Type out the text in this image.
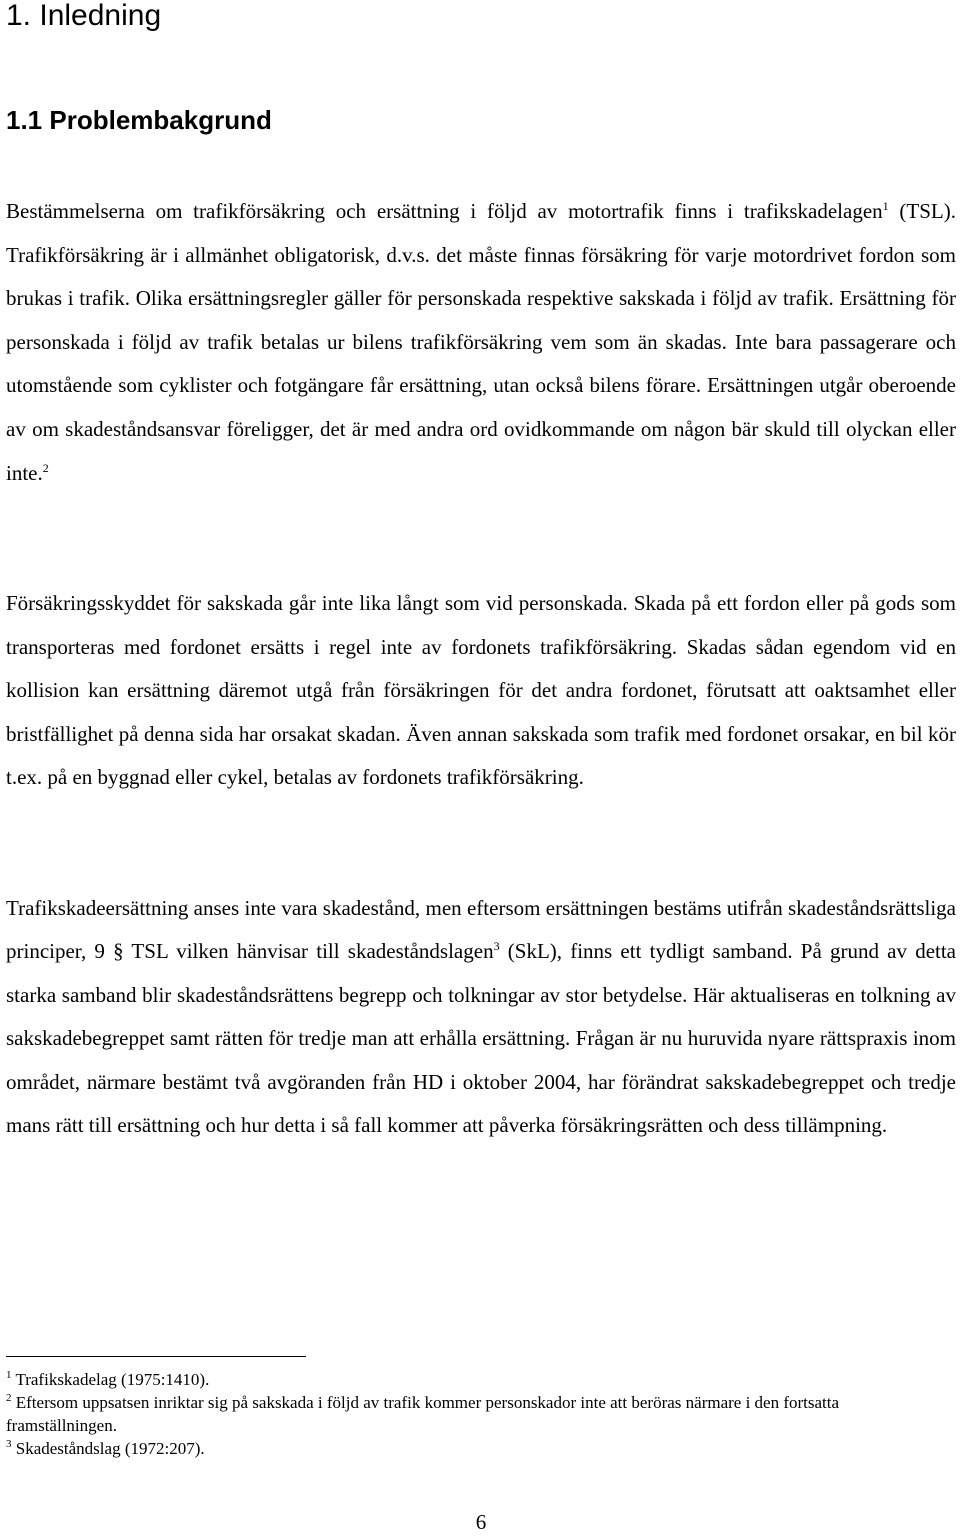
1. Inledning
1.1 Problembakgrund

Bestämmelserna om trafikförsäkring och ersättning i följd av motortrafik finns i trafikskadelagen$^1$ (TSL). Trafikförsäkring är i allmänhet obligatorisk, d.v.s. det måste finnas försäkring för varje motordrivet fordon som brukas i trafik. Olika ersättningsregler gäller för personskada respektive sakskada i följd av trafik. Ersättning för personskada i följd av trafik betalas ur bilens trafikförsäkring vem som än skadas. Inte bara passagerare och utomstående som cyklister och fotgängare får ersättning, utan också bilens förare. Ersättningen utgår oberoende av om skadeståndsansvar föreligger, det är med andra ord ovidkommande om någon bär skuld till olyckan eller inte.$^2$

Försäkringsskyddet för sakskada går inte lika långt som vid personskada. Skada på ett fordon eller på gods som transporteras med fordonet ersätts i regel inte av fordonets trafikförsäkring. Skadas sådan egendom vid en kollision kan ersättning däremot utgå från försäkringen för det andra fordonet, förutsatt att oaktsamhet eller bristfällighet på denna sida har orsakat skadan. Även annan sakskada som trafik med fordonet orsakar, en bil kör t.ex. på en byggnad eller cykel, betalas av fordonets trafikförsäkring.

Trafikskadeersättning anses inte vara skadestånd, men eftersom ersättningen bestäms utifrån skadeståndsrättsliga principer, 9 § TSL vilken hänvisar till skadeståndslagen$^3$ (SkL), finns ett tydligt samband. På grund av detta starka samband blir skadeståndsrättens begrepp och tolkningar av stor betydelse. Här aktualiseras en tolkning av sakskadebegreppet samt rätten för tredje man att erhålla ersättning. Frågan är nu huruvida nyare rättspraxis inom området, närmare bestämt två avgöranden från HD i oktober 2004, har förändrat sakskadebegreppet och tredje mans rätt till ersättning och hur detta i så fall kommer att påverka försäkringsrätten och dess tillämpning.

$^1$ Trafikskadelag (1975:1410).

$^2$ Eftersom uppsatsen inriktar sig på sakskada i följd av trafik kommer personskador inte att beröras närmare i den fortsatta framställningen.

$^3$ Skadeståndslag (1972:207).

6
